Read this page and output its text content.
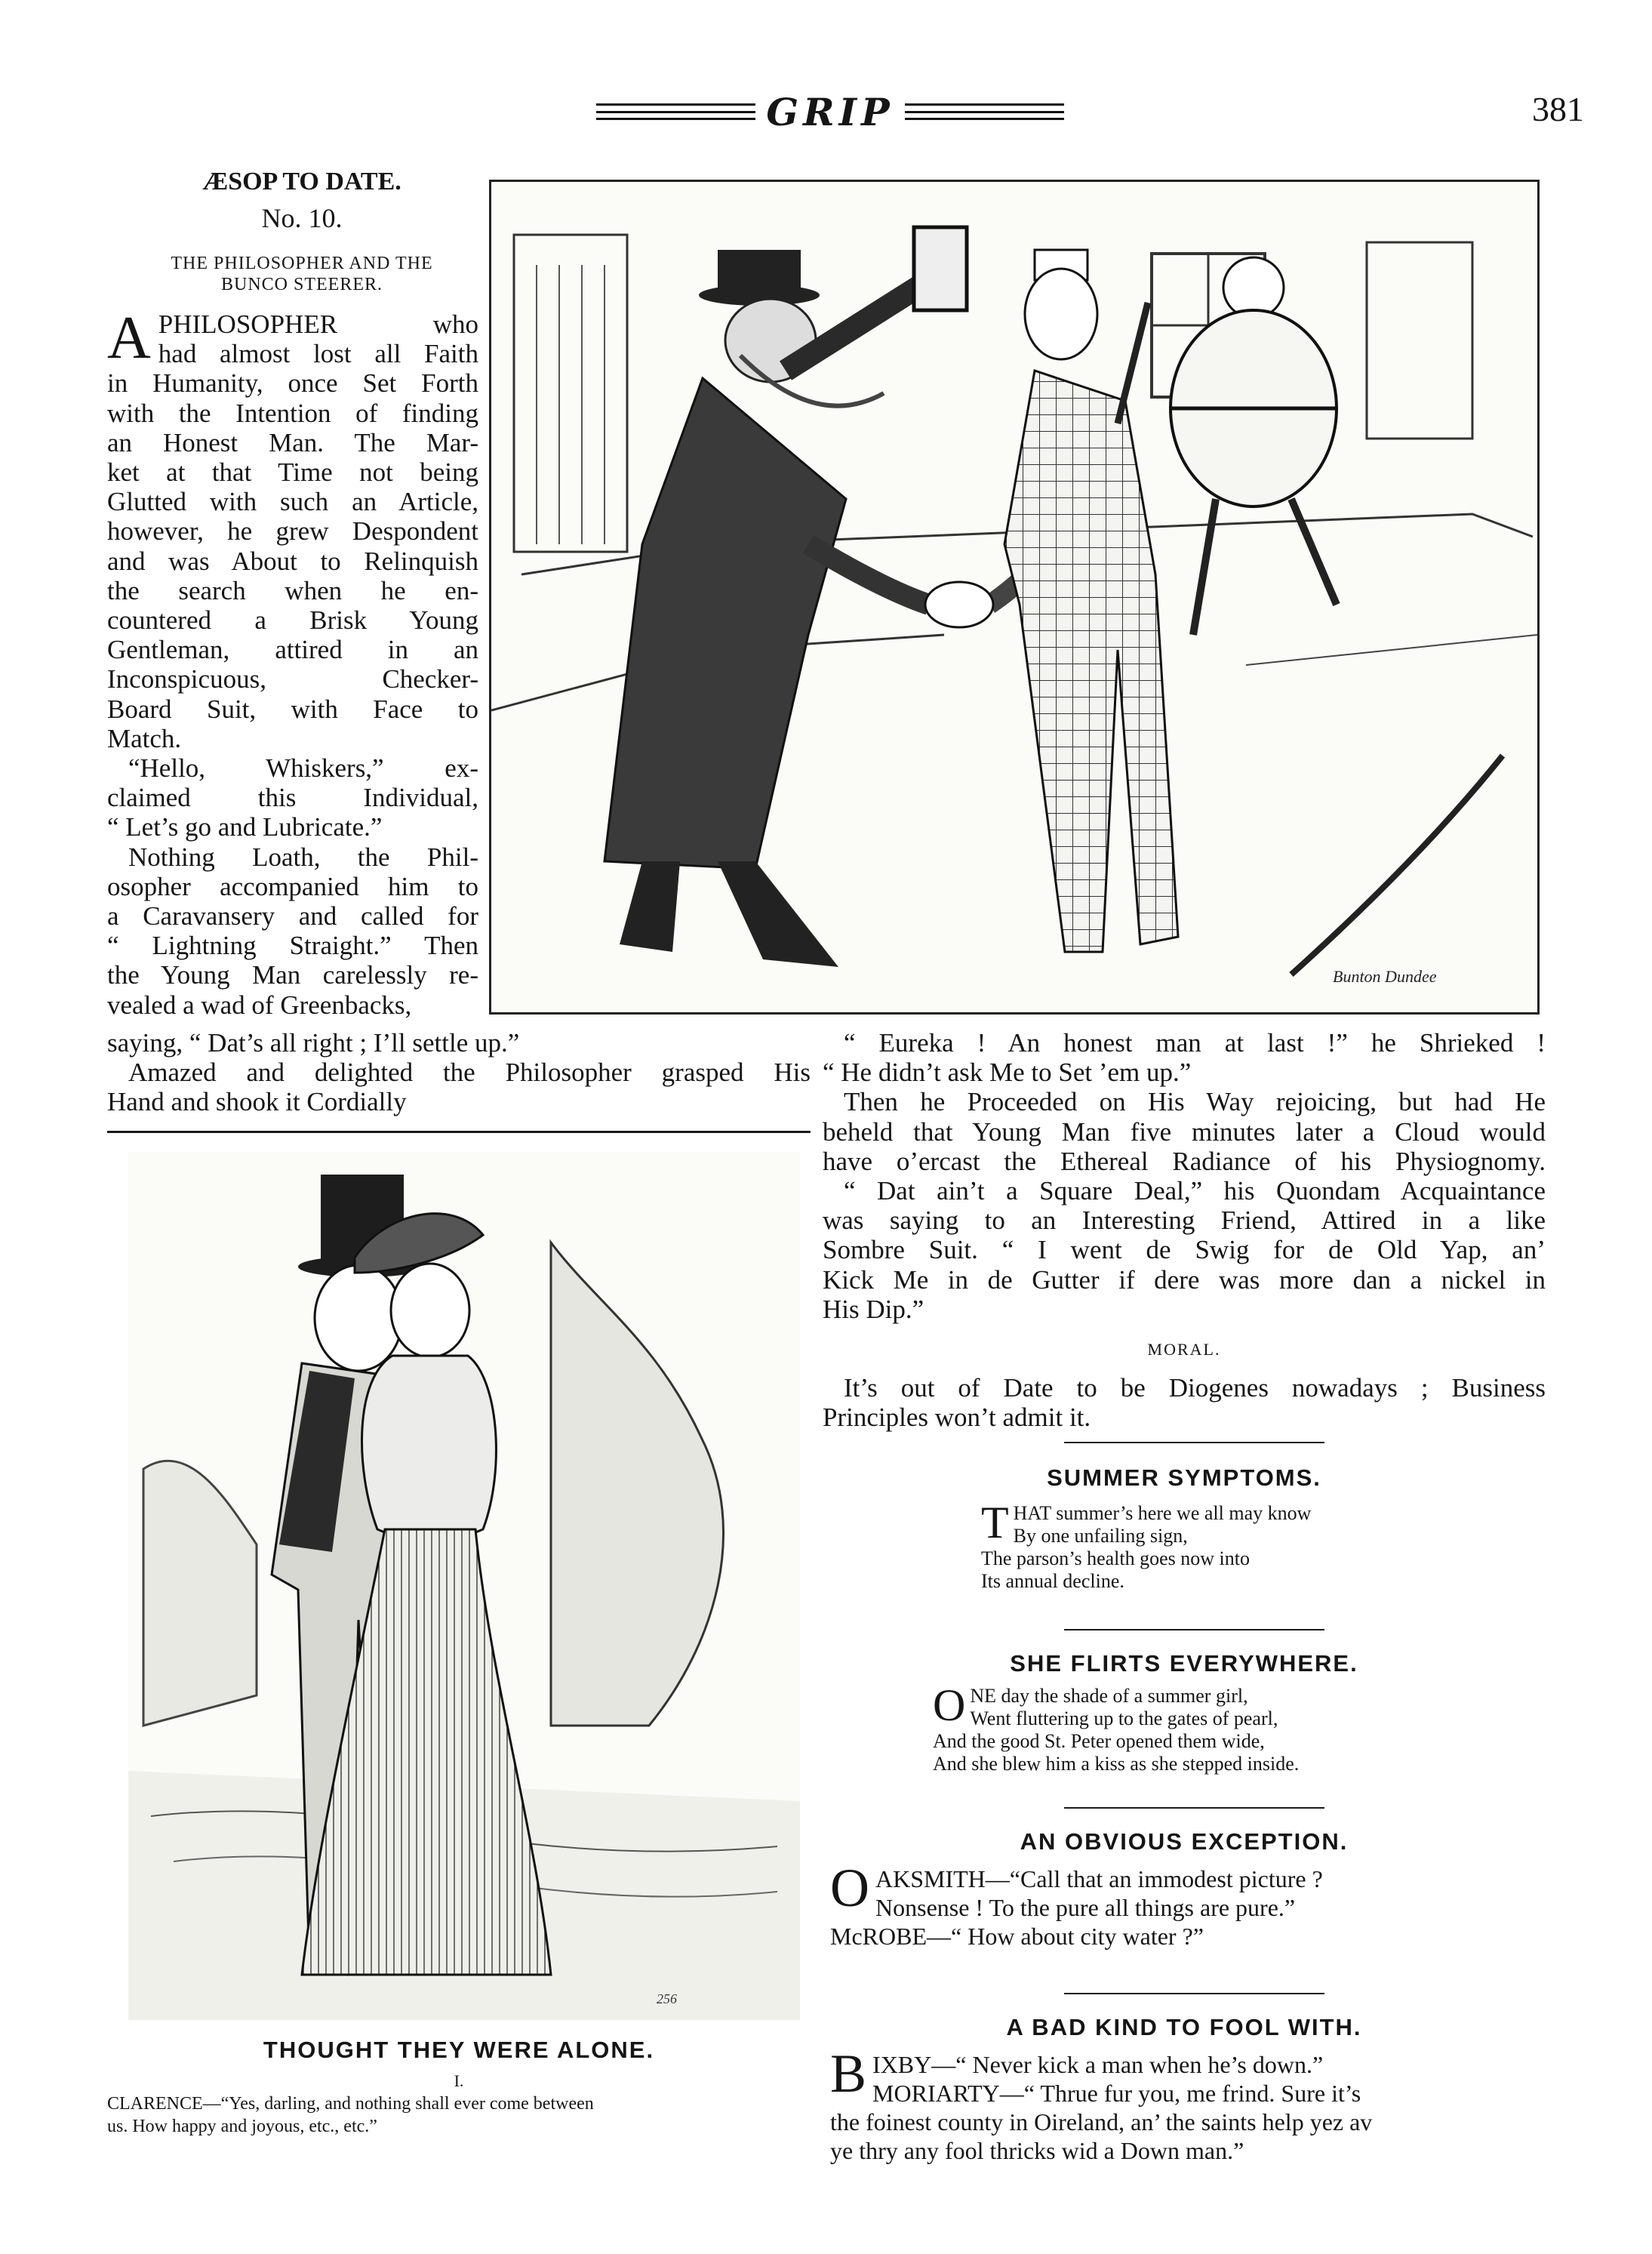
GRIP	381
ÆSOP TO DATE.
No. 10.
THE PHILOSOPHER AND THE
BUNCO STEERER.
A PHILOSOPHER who
had almost lost all Faith
in Humanity, once Set Forth
with the Intention of finding
an Honest Man. The Mar-
ket at that Time not being
Glutted with such an Article,
however, he grew Despondent
and was About to Relinquish
the search when he en-
countered a Brisk Young
Gentleman, attired in an
Inconspicuous, Checker-
Board Suit, with Face to
Match.
“Hello, Whiskers,” ex-
claimed this Individual,
“ Let’s go and Lubricate.”
Nothing Loath, the Phil-
osopher accompanied him to
a Caravansery and called for
“ Lightning Straight.” Then
the Young Man carelessly re-
vealed a wad of Greenbacks,
saying, “ Dat’s all right ; I’ll settle up.”
Amazed and delighted the Philosopher grasped His
Hand and shook it Cordially
Bunton Dundee
“ Eureka ! An honest man at last !” he Shrieked !
“ He didn’t ask Me to Set ’em up.”
Then he Proceeded on His Way rejoicing, but had He
beheld that Young Man five minutes later a Cloud would
have o’ercast the Ethereal Radiance of his Physiognomy.
“ Dat ain’t a Square Deal,” his Quondam Acquaintance
was saying to an Interesting Friend, Attired in a like
Sombre Suit. “ I went de Swig for de Old Yap, an’
Kick Me in de Gutter if dere was more dan a nickel in
His Dip.”
MORAL.
It’s out of Date to be Diogenes nowadays ; Business
Principles won’t admit it.
256
THOUGHT THEY WERE ALONE.
I.
CLARENCE—“Yes, darling, and nothing shall ever come between
us. How happy and joyous, etc., etc.”
SUMMER SYMPTOMS.
T HAT summer’s here we all may know
By one unfailing sign,
The parson’s health goes now into
Its annual decline.
SHE FLIRTS EVERYWHERE.
O NE day the shade of a summer girl,
Went fluttering up to the gates of pearl,
And the good St. Peter opened them wide,
And she blew him a kiss as she stepped inside.
AN OBVIOUS EXCEPTION.
O AKSMITH—“Call that an immodest picture ?
Nonsense ! To the pure all things are pure.”
McROBE—“ How about city water ?”
A BAD KIND TO FOOL WITH.
B IXBY—“ Never kick a man when he’s down.”
MORIARTY—“ Thrue fur you, me frind. Sure it’s
the foinest county in Oireland, an’ the saints help yez av
ye thry any fool thricks wid a Down man.”
